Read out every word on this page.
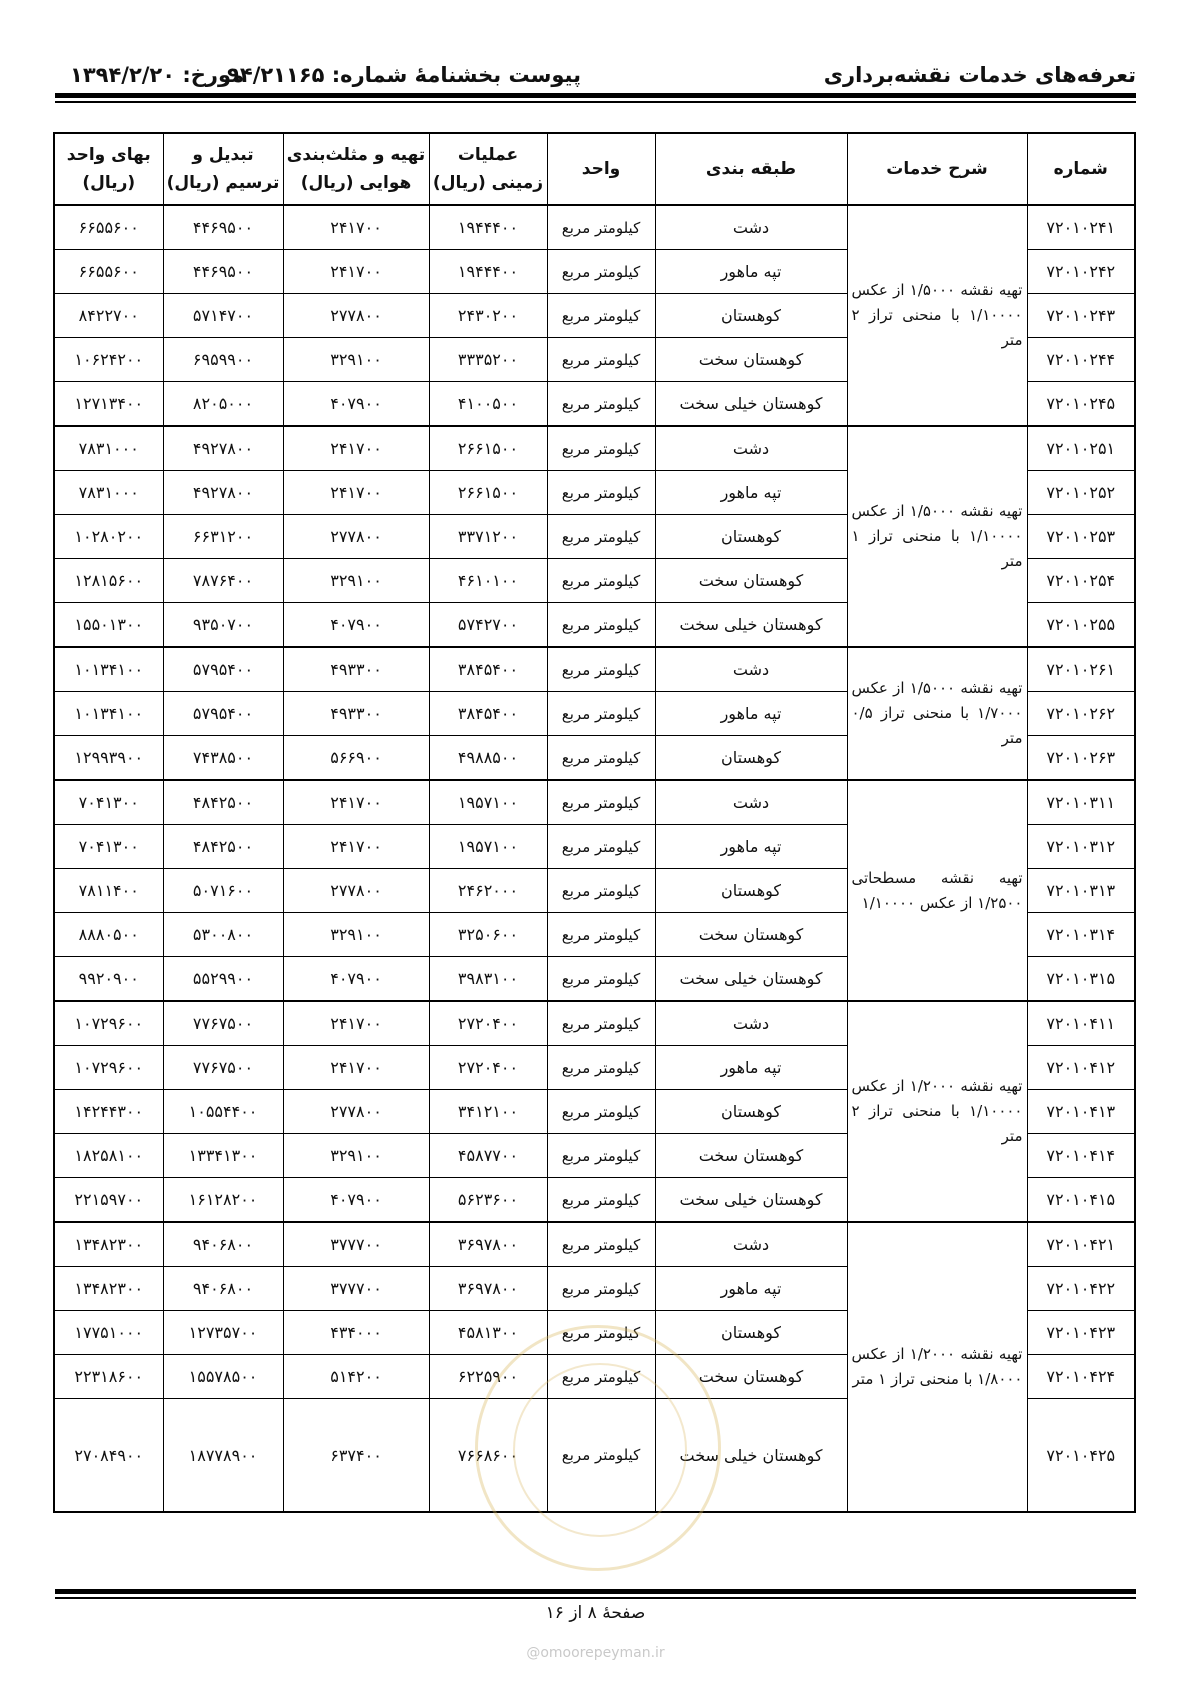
تعرفه‌های خدمات نقشه‌برداری
پیوست بخشنامهٔ شماره: ۹۴/۲۱۱۶۵
مورخ: ۱۳۹۴/۲/۲۰
شماره	شرح خدمات	طبقه بندی	واحد	عملیات زمینی (ریال)	تهیه و مثلث‌بندی هوایی (ریال)	تبدیل و ترسیم (ریال)	بهای واحد (ریال)
۷۲۰۱۰۲۴۱	تهیه نقشه ۱/۵۰۰۰ از عکس ۱/۱۰۰۰۰ با منحنی تراز ۲ متر	دشت	کیلومتر مربع	۱۹۴۴۴۰۰	۲۴۱۷۰۰	۴۴۶۹۵۰۰	۶۶۵۵۶۰۰
۷۲۰۱۰۲۴۲		تپه ماهور	کیلومتر مربع	۱۹۴۴۴۰۰	۲۴۱۷۰۰	۴۴۶۹۵۰۰	۶۶۵۵۶۰۰
۷۲۰۱۰۲۴۳		کوهستان	کیلومتر مربع	۲۴۳۰۲۰۰	۲۷۷۸۰۰	۵۷۱۴۷۰۰	۸۴۲۲۷۰۰
۷۲۰۱۰۲۴۴		کوهستان سخت	کیلومتر مربع	۳۳۳۵۲۰۰	۳۲۹۱۰۰	۶۹۵۹۹۰۰	۱۰۶۲۴۲۰۰
۷۲۰۱۰۲۴۵		کوهستان خیلی سخت	کیلومتر مربع	۴۱۰۰۵۰۰	۴۰۷۹۰۰	۸۲۰۵۰۰۰	۱۲۷۱۳۴۰۰
۷۲۰۱۰۲۵۱	تهیه نقشه ۱/۵۰۰۰ از عکس ۱/۱۰۰۰۰ با منحنی تراز ۱ متر	دشت	کیلومتر مربع	۲۶۶۱۵۰۰	۲۴۱۷۰۰	۴۹۲۷۸۰۰	۷۸۳۱۰۰۰
۷۲۰۱۰۲۵۲		تپه ماهور	کیلومتر مربع	۲۶۶۱۵۰۰	۲۴۱۷۰۰	۴۹۲۷۸۰۰	۷۸۳۱۰۰۰
۷۲۰۱۰۲۵۳		کوهستان	کیلومتر مربع	۳۳۷۱۲۰۰	۲۷۷۸۰۰	۶۶۳۱۲۰۰	۱۰۲۸۰۲۰۰
۷۲۰۱۰۲۵۴		کوهستان سخت	کیلومتر مربع	۴۶۱۰۱۰۰	۳۲۹۱۰۰	۷۸۷۶۴۰۰	۱۲۸۱۵۶۰۰
۷۲۰۱۰۲۵۵		کوهستان خیلی سخت	کیلومتر مربع	۵۷۴۲۷۰۰	۴۰۷۹۰۰	۹۳۵۰۷۰۰	۱۵۵۰۱۳۰۰
۷۲۰۱۰۲۶۱	تهیه نقشه ۱/۵۰۰۰ از عکس ۱/۷۰۰۰ با منحنی تراز ۰/۵ متر	دشت	کیلومتر مربع	۳۸۴۵۴۰۰	۴۹۳۳۰۰	۵۷۹۵۴۰۰	۱۰۱۳۴۱۰۰
۷۲۰۱۰۲۶۲		تپه ماهور	کیلومتر مربع	۳۸۴۵۴۰۰	۴۹۳۳۰۰	۵۷۹۵۴۰۰	۱۰۱۳۴۱۰۰
۷۲۰۱۰۲۶۳		کوهستان	کیلومتر مربع	۴۹۸۸۵۰۰	۵۶۶۹۰۰	۷۴۳۸۵۰۰	۱۲۹۹۳۹۰۰
۷۲۰۱۰۳۱۱	تهیه نقشه مسطحاتی ۱/۲۵۰۰ از عکس ۱/۱۰۰۰۰	دشت	کیلومتر مربع	۱۹۵۷۱۰۰	۲۴۱۷۰۰	۴۸۴۲۵۰۰	۷۰۴۱۳۰۰
۷۲۰۱۰۳۱۲		تپه ماهور	کیلومتر مربع	۱۹۵۷۱۰۰	۲۴۱۷۰۰	۴۸۴۲۵۰۰	۷۰۴۱۳۰۰
۷۲۰۱۰۳۱۳		کوهستان	کیلومتر مربع	۲۴۶۲۰۰۰	۲۷۷۸۰۰	۵۰۷۱۶۰۰	۷۸۱۱۴۰۰
۷۲۰۱۰۳۱۴		کوهستان سخت	کیلومتر مربع	۳۲۵۰۶۰۰	۳۲۹۱۰۰	۵۳۰۰۸۰۰	۸۸۸۰۵۰۰
۷۲۰۱۰۳۱۵		کوهستان خیلی سخت	کیلومتر مربع	۳۹۸۳۱۰۰	۴۰۷۹۰۰	۵۵۲۹۹۰۰	۹۹۲۰۹۰۰
۷۲۰۱۰۴۱۱	تهیه نقشه ۱/۲۰۰۰ از عکس ۱/۱۰۰۰۰ با منحنی تراز ۲ متر	دشت	کیلومتر مربع	۲۷۲۰۴۰۰	۲۴۱۷۰۰	۷۷۶۷۵۰۰	۱۰۷۲۹۶۰۰
۷۲۰۱۰۴۱۲		تپه ماهور	کیلومتر مربع	۲۷۲۰۴۰۰	۲۴۱۷۰۰	۷۷۶۷۵۰۰	۱۰۷۲۹۶۰۰
۷۲۰۱۰۴۱۳		کوهستان	کیلومتر مربع	۳۴۱۲۱۰۰	۲۷۷۸۰۰	۱۰۵۵۴۴۰۰	۱۴۲۴۴۳۰۰
۷۲۰۱۰۴۱۴		کوهستان سخت	کیلومتر مربع	۴۵۸۷۷۰۰	۳۲۹۱۰۰	۱۳۳۴۱۳۰۰	۱۸۲۵۸۱۰۰
۷۲۰۱۰۴۱۵		کوهستان خیلی سخت	کیلومتر مربع	۵۶۲۳۶۰۰	۴۰۷۹۰۰	۱۶۱۲۸۲۰۰	۲۲۱۵۹۷۰۰
۷۲۰۱۰۴۲۱	تهیه نقشه ۱/۲۰۰۰ از عکس ۱/۸۰۰۰ با منحنی تراز ۱ متر	دشت	کیلومتر مربع	۳۶۹۷۸۰۰	۳۷۷۷۰۰	۹۴۰۶۸۰۰	۱۳۴۸۲۳۰۰
۷۲۰۱۰۴۲۲		تپه ماهور	کیلومتر مربع	۳۶۹۷۸۰۰	۳۷۷۷۰۰	۹۴۰۶۸۰۰	۱۳۴۸۲۳۰۰
۷۲۰۱۰۴۲۳		کوهستان	کیلومتر مربع	۴۵۸۱۳۰۰	۴۳۴۰۰۰	۱۲۷۳۵۷۰۰	۱۷۷۵۱۰۰۰
۷۲۰۱۰۴۲۴		کوهستان سخت	کیلومتر مربع	۶۲۲۵۹۰۰	۵۱۴۲۰۰	۱۵۵۷۸۵۰۰	۲۲۳۱۸۶۰۰
۷۲۰۱۰۴۲۵		کوهستان خیلی سخت	کیلومتر مربع	۷۶۶۸۶۰۰	۶۳۷۴۰۰	۱۸۷۷۸۹۰۰	۲۷۰۸۴۹۰۰
صفحهٔ ۸ از ۱۶
@omoorepeyman.ir
